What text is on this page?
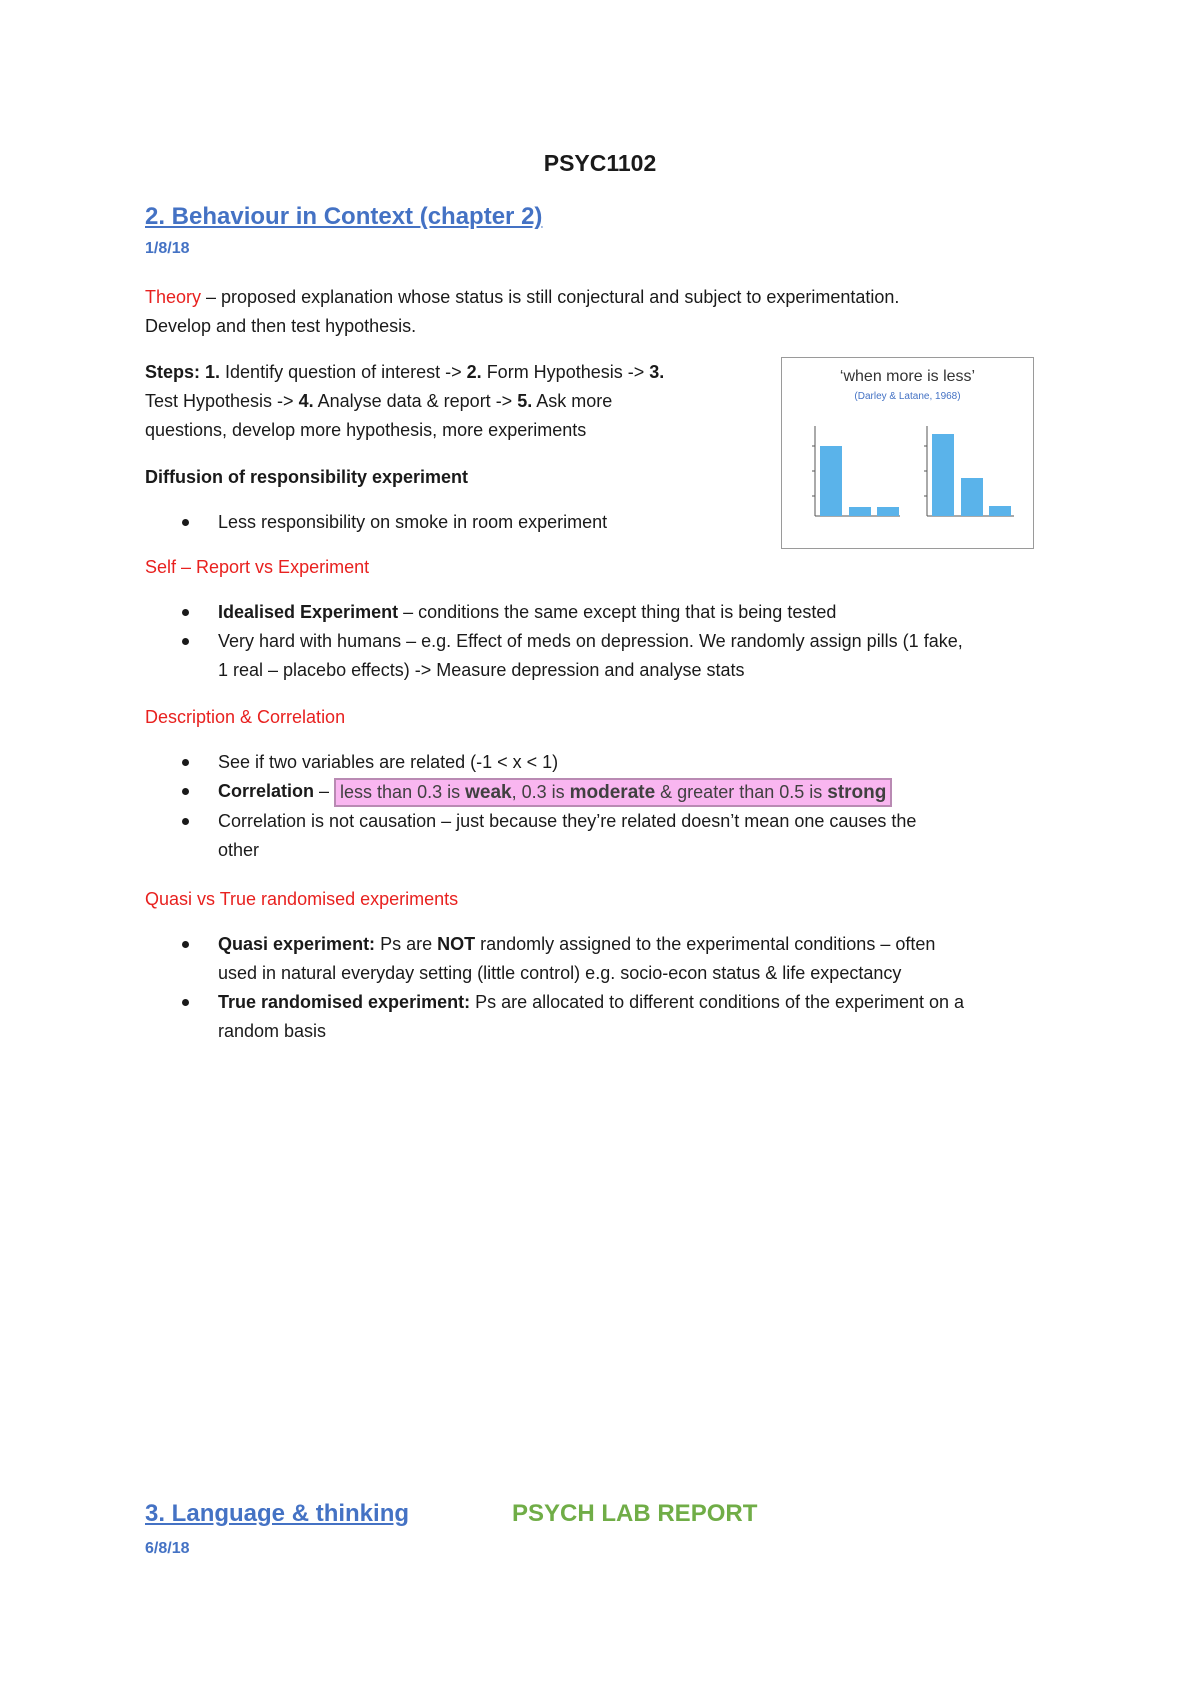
PSYC1102
2. Behaviour in Context (chapter 2)
1/8/18
Theory – proposed explanation whose status is still conjectural and subject to experimentation.
Develop and then test hypothesis.
Steps: 1. Identify question of interest -> 2. Form Hypothesis -> 3.
Test Hypothesis -> 4. Analyse data & report -> 5. Ask more
questions, develop more hypothesis, more experiments
Diffusion of responsibility experiment
Less responsibility on smoke in room experiment
‘when more is less’
(Darley & Latane, 1968)
Self – Report vs Experiment
Idealised Experiment – conditions the same except thing that is being tested
Very hard with humans – e.g. Effect of meds on depression. We randomly assign pills (1 fake,
1 real – placebo effects) -> Measure depression and analyse stats
Description & Correlation
See if two variables are related (-1 < x < 1)
Correlation – less than 0.3 is weak, 0.3 is moderate & greater than 0.5 is strong
Correlation is not causation – just because they’re related doesn’t mean one causes the
other
Quasi vs True randomised experiments
Quasi experiment: Ps are NOT randomly assigned to the experimental conditions – often
used in natural everyday setting (little control) e.g. socio-econ status & life expectancy
True randomised experiment: Ps are allocated to different conditions of the experiment on a
random basis
3. Language & thinking	PSYCH LAB REPORT
6/8/18
